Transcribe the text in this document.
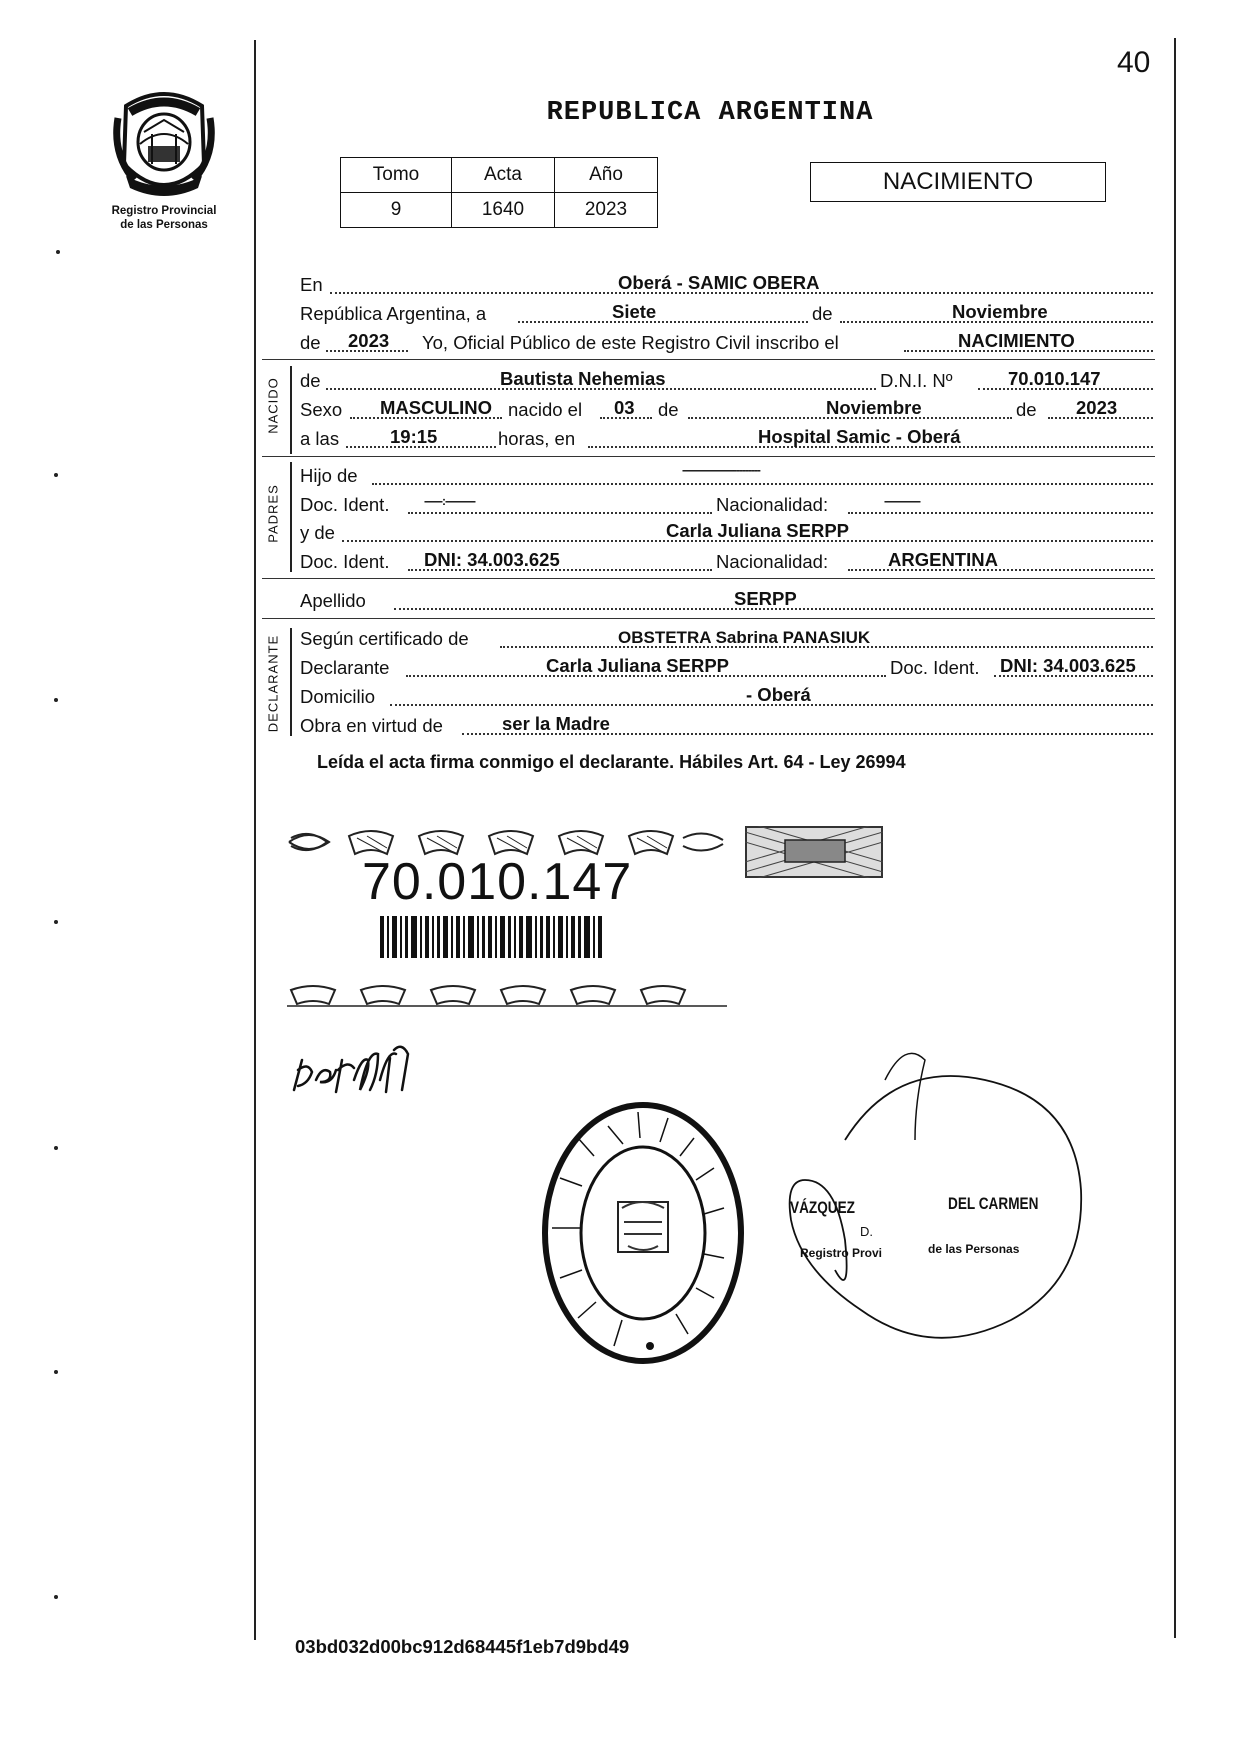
40
Registro Provincial
de las Personas
REPUBLICA ARGENTINA
Tomo	Acta	Año
9	1640	2023
NACIMIENTO
En	Oberá - SAMIC OBERA
República Argentina, a	Siete	de	Noviembre
de 2023 Yo, Oficial Público de este Registro Civil inscribo el	NACIMIENTO
NACIDO de	Bautista Nehemias	D.N.I. Nº	70.010.147
Sexo MASCULINO nacido el 03 de	Noviembre	de 2023
a las	19:15	horas, en	Hospital Samic - Oberá
PADRES
Hijo de	--------------------------
Doc. Ident.	------:----------	Nacionalidad:	------------
y de	Carla Juliana SERPP
Doc. Ident. DNI: 34.003.625	Nacionalidad:	ARGENTINA
Apellido	SERPP
DECLARANTE Según certificado de	OBSTETRA Sabrina PANASIUK
Declarante	Carla Juliana SERPP	Doc. Ident. DNI: 34.003.625
Domicilio	- Oberá
Obra en virtud de	ser la Madre
Leída el acta firma conmigo el declarante. Hábiles Art. 64 - Ley 26994
70.010.147
VÁZQUEZ	DEL CARMEN
D.
Registro Provi	de las Personas
03bd032d00bc912d68445f1eb7d9bd49
